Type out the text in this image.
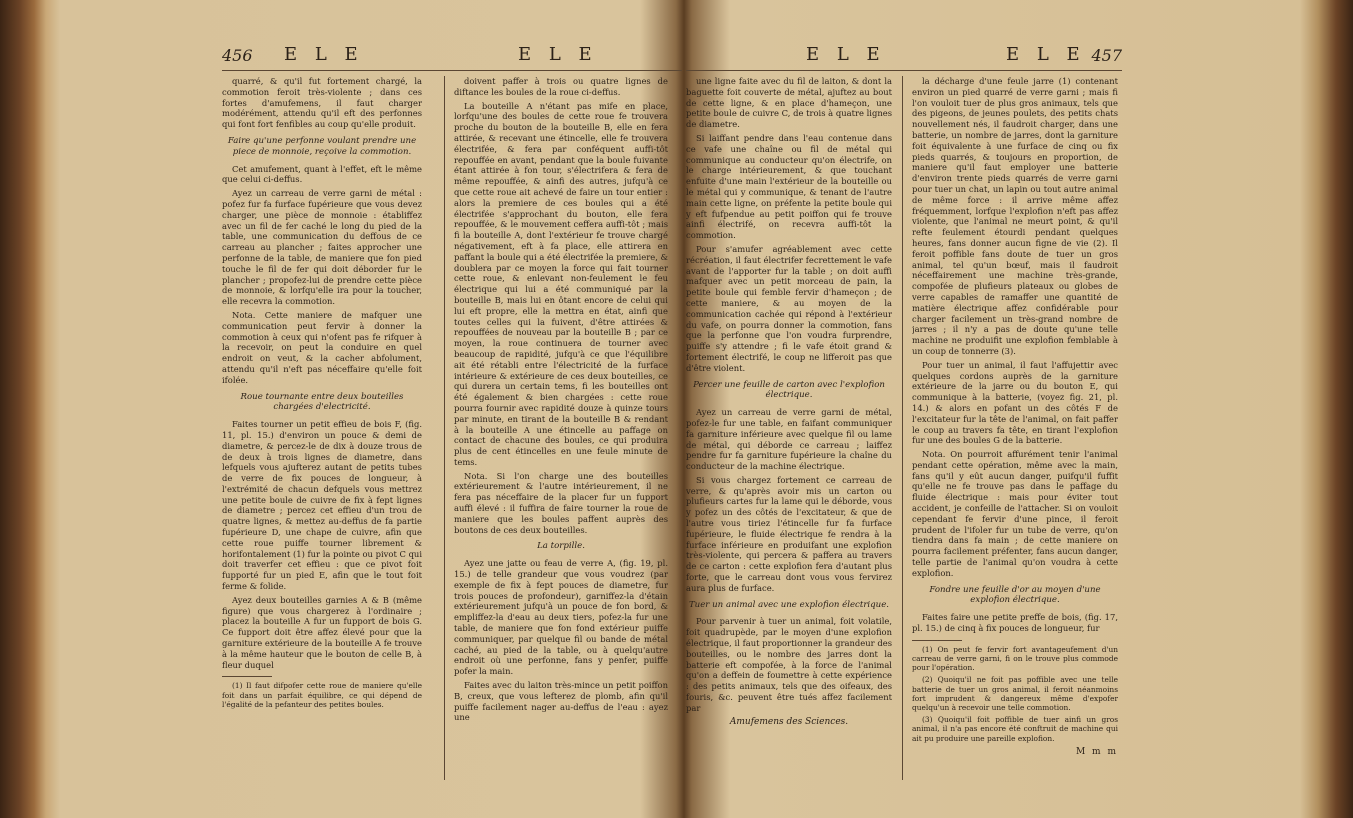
456 E L E	E L E

quarré, & qu'il fut fortement chargé, la commotion feroit très-violente ; dans ces fortes d'amufemens, il faut charger modérément, attendu qu'il eft des perfonnes qui font fort fenfibles au coup qu'elle produit.

Faire qu'une perfonne voulant prendre une piece de monnoie, reçoive la commotion.

Cet amufement, quant à l'effet, eft le même que celui ci-deffus.

Ayez un carreau de verre garni de métal : pofez fur fa furface fupérieure que vous devez charger, une pièce de monnoie : établiffez avec un fil de fer caché le long du pied de la table, une communication du deffous de ce carreau au plancher ; faites approcher une perfonne de la table, de maniere que fon pied touche le fil de fer qui doit déborder fur le plancher ; propofez-lui de prendre cette pièce de monnoie, & lorfqu'elle ira pour la toucher, elle recevra la commotion.

Nota. Cette maniere de mafquer une communication peut fervir à donner la commotion à ceux qui n'ofent pas fe rifquer à la recevoir, on peut la conduire en quel endroit on veut, & la cacher abfolument, attendu qu'il n'eft pas néceffaire qu'elle foit ifolée.

Roue tournante entre deux bouteilles chargées d'electricité.

Faites tourner un petit effieu de bois F, (fig. 11, pl. 15.) d'environ un pouce & demi de diametre, & percez-le de dix à douze trous de de deux à trois lignes de diametre, dans lefquels vous ajufterez autant de petits tubes de verre de fix pouces de longueur, à l'extrémité de chacun defquels vous mettrez une petite boule de cuivre de fix à fept lignes de diametre ; percez cet effieu d'un trou de quatre lignes, & mettez au-deffus de fa partie fupérieure D, une chape de cuivre, afin que cette roue puiffe tourner librement & horifontalement (1) fur la pointe ou pivot C qui doit traverfer cet effieu : que ce pivot foit fupporté fur un pied E, afin que le tout foit ferme & folide.

Ayez deux bouteilles garnies A & B (même figure) que vous chargerez à l'ordinaire ; placez la bouteille A fur un fupport de bois G. Ce fupport doit être affez élevé pour que la garniture extérieure de la bouteille A fe trouve à la même hauteur que le bouton de celle B, à fleur duquel

(1) Il faut difpofer cette roue de maniere qu'elle foit dans un parfait équilibre, ce qui dépend de l'égalité de la pefanteur des petites boules.

doivent paffer à trois ou quatre lignes de diftance les boules de la roue ci-deffus.

La bouteille A n'étant pas mife en place, lorfqu'une des boules de cette roue fe trouvera proche du bouton de la bouteille B, elle en fera attirée, & recevant une étincelle, elle fe trouvera électrifée, & fera par conféquent auffi-tôt repouffée en avant, pendant que la boule fuivante étant attirée à fon tour, s'électrifera & fera de même repouffée, & ainfi des autres, jufqu'à ce que cette roue ait achevé de faire un tour entier : alors la premiere de ces boules qui a été électrifée s'approchant du bouton, elle fera repouffée, & le mouvement ceffera auffi-tôt ; mais fi la bouteille A, dont l'extérieur fe trouve chargé négativement, eft à fa place, elle attirera en paffant la boule qui a été électrifée la premiere, & doublera par ce moyen la force qui fait tourner cette roue, & enlevant non-feulement le feu électrique qui lui a été communiqué par la bouteille B, mais lui en ôtant encore de celui qui lui eft propre, elle la mettra en état, ainfi que toutes celles qui la fuivent, d'être attirées & repouffées de nouveau par la bouteille B ; par ce moyen, la roue continuera de tourner avec beaucoup de rapidité, jufqu'à ce que l'équilibre ait été rétabli entre l'électricité de la furface intérieure & extérieure de ces deux bouteilles, ce qui durera un certain tems, fi les bouteilles ont été également & bien chargées : cette roue pourra fournir avec rapidité douze à quinze tours par minute, en tirant de la bouteille B & rendant à la bouteille A une étincelle au paffage on contact de chacune des boules, ce qui produira plus de cent étincelles en une feule minute de tems.

Nota. Si l'on charge une des bouteilles extérieurement & l'autre intérieurement, il ne fera pas néceffaire de la placer fur un fupport auffi élevé : il fuffira de faire tourner la roue de maniere que les boules paffent auprès des boutons de ces deux bouteilles.

La torpille.

Ayez une jatte ou feau de verre A, (fig. 19, pl. 15.) de telle grandeur que vous voudrez (par exemple de fix à fept pouces de diametre, fur trois pouces de profondeur), garniffez-la d'étain extérieurement jufqu'à un pouce de fon bord, & empliffez-la d'eau au deux tiers, pofez-la fur une table, de maniere que fon fond extérieur puiffe communiquer, par quelque fil ou bande de métal caché, au pied de la table, ou à quelqu'autre endroit où une perfonne, fans y penfer, puiffe pofer la main.

Faites avec du laiton très-mince un petit poiffon B, creux, que vous lefterez de plomb, afin qu'il puiffe facilement nager au-deffus de l'eau : ayez une

E L E	E L E 457

une ligne faite avec du fil de laiton, & dont la baguette foit couverte de métal, ajuftez au bout de cette ligne, & en place d'hameçon, une petite boule de cuivre C, de trois à quatre lignes de diametre.

Si laiffant pendre dans l'eau contenue dans ce vafe une chaîne ou fil de métal qui communique au conducteur qu'on électrife, on le charge intérieurement, & que touchant enfuite d'une main l'extérieur de la bouteille ou le métal qui y communique, & tenant de l'autre main cette ligne, on préfente la petite boule qui y eft fufpendue au petit poiffon qui fe trouve ainfi électrifé, on recevra auffi-tôt la commotion.

Pour s'amufer agréablement avec cette récréation, il faut électrifer fecrettement le vafe avant de l'apporter fur la table ; on doit auffi mafquer avec un petit morceau de pain, la petite boule qui femble fervir d'hameçon ; de cette maniere, & au moyen de la communication cachée qui répond à l'extérieur du vafe, on pourra donner la commotion, fans que la perfonne que l'on voudra furprendre, puiffe s'y attendre ; fi le vafe étoit grand & fortement électrifé, le coup ne lifferoit pas que d'être violent.

Percer une feuille de carton avec l'explofion électrique.

Ayez un carreau de verre garni de métal, pofez-le fur une table, en faifant communiquer fa garniture inférieure avec quelque fil ou lame de métal, qui déborde ce carreau ; laiffez pendre fur fa garniture fupérieure la chaîne du conducteur de la machine électrique.

Si vous chargez fortement ce carreau de verre, & qu'après avoir mis un carton ou plufieurs cartes fur la lame qui le déborde, vous y pofez un des côtés de l'excitateur, & que de l'autre vous tiriez l'étincelle fur fa furface fupérieure, le fluide électrique fe rendra à la furface inférieure en produifant une explofion très-violente, qui percera & paffera au travers de ce carton : cette explofion fera d'autant plus forte, que le carreau dont vous vous fervirez aura plus de furface.

Tuer un animal avec une explofion électrique.

Pour parvenir à tuer un animal, foit volatile, foit quadrupède, par le moyen d'une explofion électrique, il faut proportionner la grandeur des bouteilles, ou le nombre des jarres dont la batterie eft compofée, à la force de l'animal qu'on a deffein de foumettre à cette expérience : des petits animaux, tels que des oifeaux, des fouris, &c. peuvent être tués affez facilement par

Amufemens des Sciences.

la décharge d'une feule jarre (1) contenant environ un pied quarré de verre garni ; mais fi l'on vouloit tuer de plus gros animaux, tels que des pigeons, de jeunes poulets, des petits chats nouvellement nés, il faudroit charger, dans une batterie, un nombre de jarres, dont la garniture foit équivalente à une furface de cinq ou fix pieds quarrés, & toujours en proportion, de maniere qu'il faut employer une batterie d'environ trente pieds quarrés de verre garni pour tuer un chat, un lapin ou tout autre animal de même force : il arrive même affez fréquemment, lorfque l'explofion n'eft pas affez violente, que l'animal ne meurt point, & qu'il refte feulement étourdi pendant quelques heures, fans donner aucun figne de vie (2). Il feroit poffible fans doute de tuer un gros animal, tel qu'un bœuf, mais il faudroit néceffairement une machine très-grande, compofée de plufieurs plateaux ou globes de verre capables de ramaffer une quantité de matière électrique affez confidérable pour charger facilement un très-grand nombre de jarres ; il n'y a pas de doute qu'une telle machine ne produifit une explofion femblable à un coup de tonnerre (3).

Pour tuer un animal, il faut l'affujettir avec quelques cordons auprès de la garniture extérieure de la jarre ou du bouton E, qui communique à la batterie, (voyez fig. 21, pl. 14.) & alors en pofant un des côtés F de l'excitateur fur la tête de l'animal, on fait paffer le coup au travers fa tête, en tirant l'explofion fur une des boules G de la batterie.

Nota. On pourroit affurément tenir l'animal pendant cette opération, même avec la main, fans qu'il y eût aucun danger, puifqu'il fuffit qu'elle ne fe trouve pas dans le paffage du fluide électrique : mais pour éviter tout accident, je confeille de l'attacher. Si on vouloit cependant fe fervir d'une pince, il feroit prudent de l'ifoler fur un tube de verre, qu'on tiendra dans fa main ; de cette maniere on pourra facilement préfenter, fans aucun danger, telle partie de l'animal qu'on voudra à cette explofion.

Fondre une feuille d'or au moyen d'une explofion électrique.

Faites faire une petite preffe de bois, (fig. 17, pl. 15.) de cinq à fix pouces de longueur, fur

(1) On peut fe fervir fort avantageufement d'un carreau de verre garni, fi on le trouve plus commode pour l'opération.

(2) Quoiqu'il ne foit pas poffible avec une telle batterie de tuer un gros animal, il feroit néanmoins fort imprudent & dangereux même d'expofer quelqu'un à recevoir une telle commotion.

(3) Quoiqu'il foit poffible de tuer ainfi un gros animal, il n'a pas encore été conftruit de machine qui ait pu produire une pareille explofion.

M m m
